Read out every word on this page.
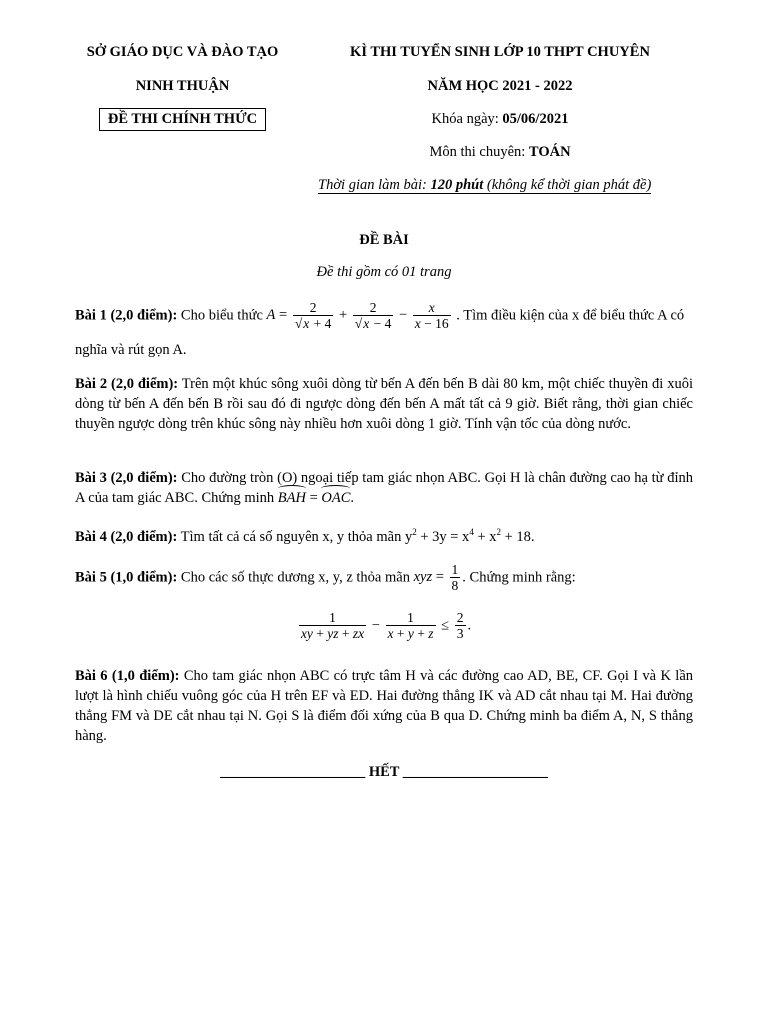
SỞ GIÁO DỤC VÀ ĐÀO TẠO
NINH THUẬN
ĐỀ THI CHÍNH THỨC
KÌ THI TUYỂN SINH LỚP 10 THPT CHUYÊN
NĂM HỌC 2021 - 2022
Khóa ngày: 05/06/2021
Môn thi chuyên: TOÁN
Thời gian làm bài: 120 phút (không kể thời gian phát đề)
ĐỀ BÀI
Đề thi gồm có 01 trang
Bài 1 (2,0 điểm): Cho biểu thức $A = \frac{2}{√x + 4} + \frac{2}{√x - 4} - \frac{x}{x - 16}$ . Tìm điều kiện của x để biểu thức A có
nghĩa và rút gọn A.
Bài 2 (2,0 điểm): Trên một khúc sông xuôi dòng từ bến A đến bến B dài 80 km, một chiếc thuyền đi xuôi dòng từ bến A đến bến B rồi sau đó đi ngược dòng đến bến A mất tất cả 9 giờ. Biết rằng, thời gian chiếc thuyền ngược dòng trên khúc sông này nhiều hơn xuôi dòng 1 giờ. Tính vận tốc của dòng nước.
Bài 3 (2,0 điểm): Cho đường tròn (O) ngoại tiếp tam giác nhọn ABC. Gọi H là chân đường cao hạ từ đỉnh A của tam giác ABC. Chứng minh BAH = OAC.
Bài 4 (2,0 điểm): Tìm tất cả cá số nguyên x, y thỏa mãn $y^2 + 3y = x^4 + x^2 + 18$.
Bài 5 (1,0 điểm): Cho các số thực dương x, y, z thỏa mãn xyz = $\frac{1}{8}$ . Chứng minh rằng:
$\frac{1}{xy + yz + zx} - \frac{1}{x + y + z} \le \frac{2}{3}$ .
Bài 6 (1,0 điểm): Cho tam giác nhọn ABC có trực tâm H và các đường cao AD, BE, CF. Gọi I và K lần lượt là hình chiếu vuông góc của H trên EF và ED. Hai đường thẳng IK và AD cắt nhau tại M. Hai đường thẳng FM và DE cắt nhau tại N. Gọi S là điểm đối xứng của B qua D. Chứng minh ba điểm A, N, S thẳng hàng.
____________________ HẾT ____________________
